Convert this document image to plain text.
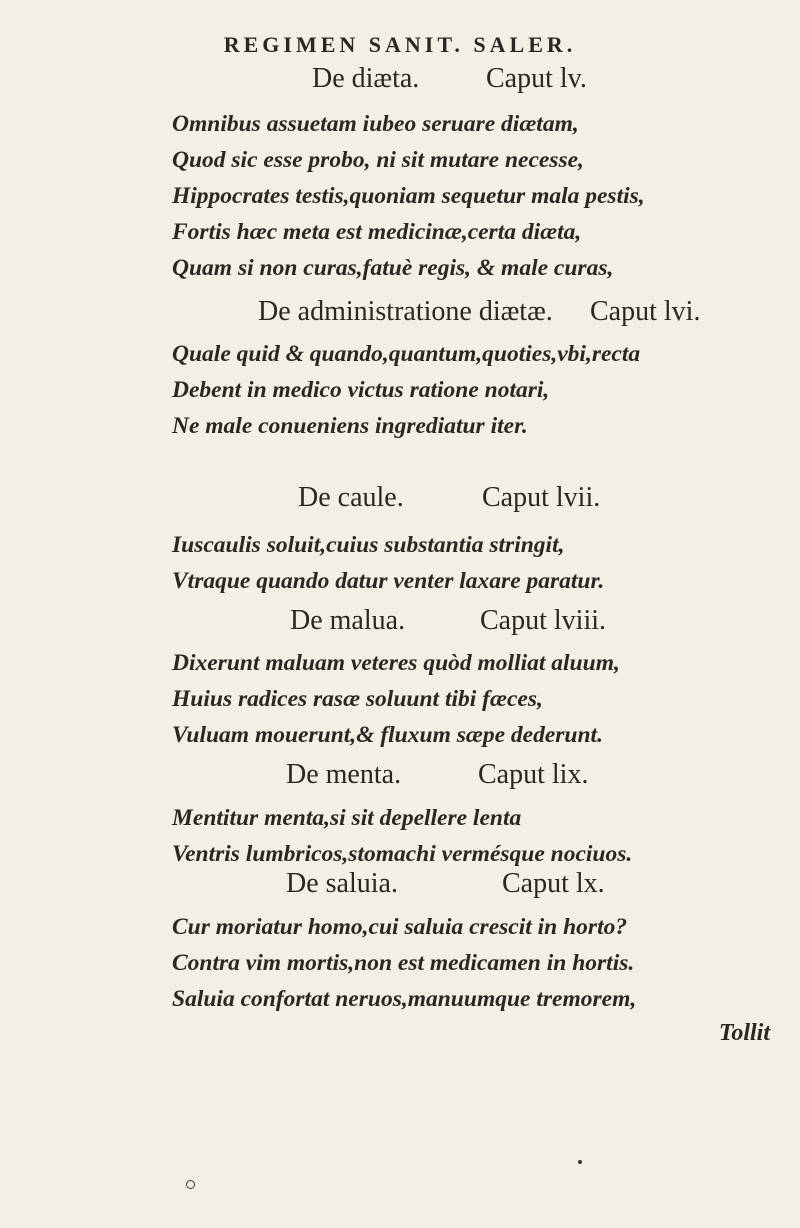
REGIMEN SANIT. SALER.
De diæta. Caput lv.
Omnibus assuetam iubeo seruare diætam,
Quod sic esse probo, ni sit mutare necesse,
Hippocrates testis,quoniam sequetur mala pestis,
Fortis hæc meta est medicinæ,certa diæta,
Quam si non curas,fatuè regis, & male curas,
De administratione diætæ. Caput lvi.
Quale quid & quando,quantum,quoties,vbi,recta
Debent in medico victus ratione notari,
Ne male conueniens ingrediatur iter.
De caule.	Caput lvii.
Iuscaulis soluit,cuius substantia stringit,
Vtraque quando datur venter laxare paratur.
De malua.	Caput lviii.
Dixerunt maluam veteres quòd molliat aluum,
Huius radices rasæ soluunt tibi fæces,
Vuluam mouerunt,& fluxum sæpe dederunt.
De menta.	Caput lix.
Mentitur menta,si sit depellere lenta
Ventris lumbricos,stomachi vermésque nociuos.
De saluia.	Caput lx.
Cur moriatur homo,cui saluia crescit in horto?
Contra vim mortis,non est medicamen in hortis.
Saluia confortat neruos,manuumque tremorem,
Tollit
